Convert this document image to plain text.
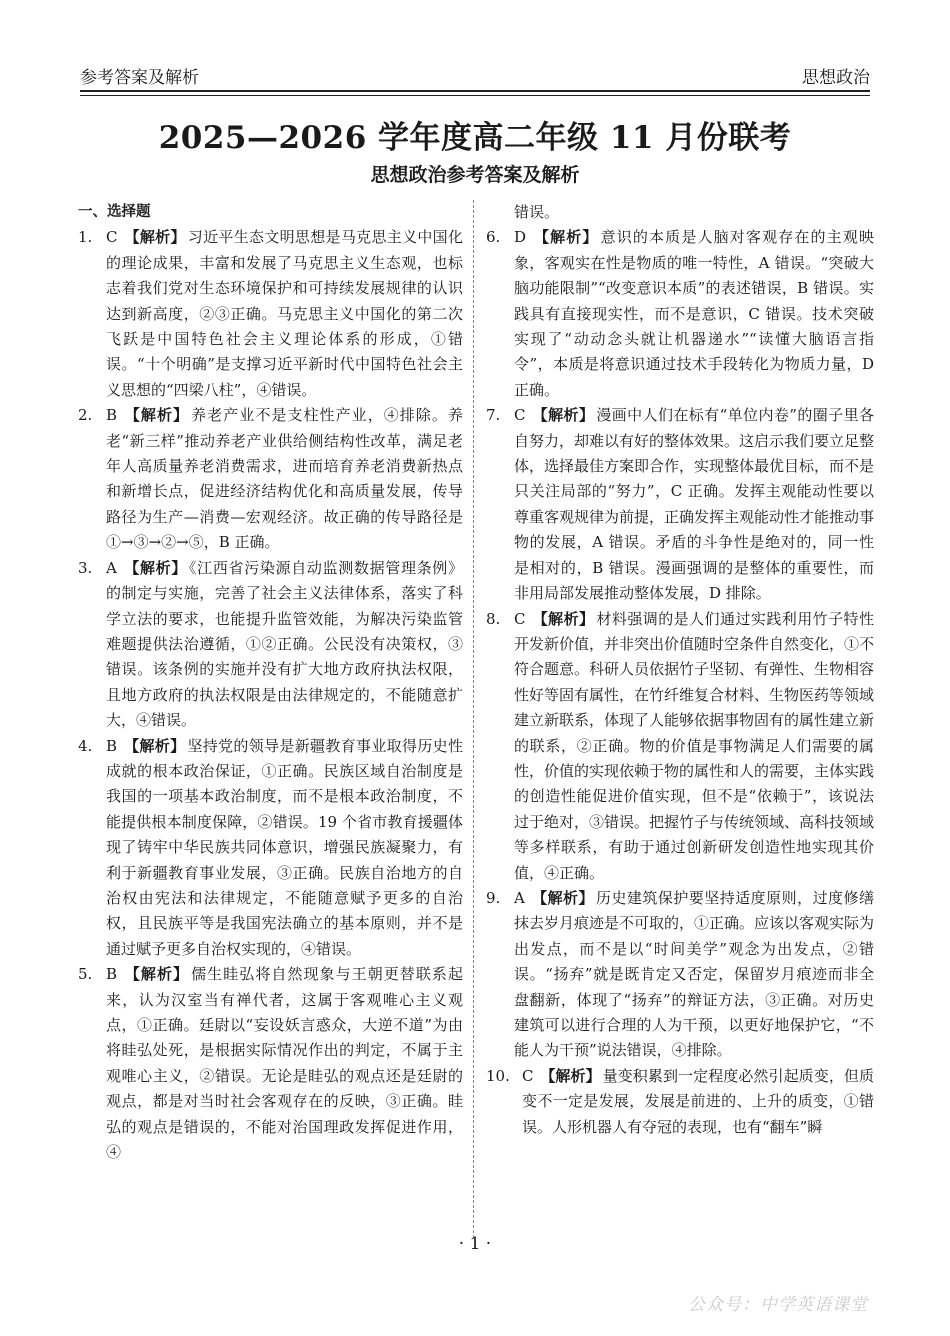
参考答案及解析	思想政治
2025—2026 学年度高二年级 11 月份联考
思想政治参考答案及解析
一、选择题
1. C 【解析】 习近平生态文明思想是马克思主义中国化的理论成果，丰富和发展了马克思主义生态观，也标志着我们党对生态环境保护和可持续发展规律的认识达到新高度，②③正确。马克思主义中国化的第二次飞跃是中国特色社会主义理论体系的形成，①错误。“十个明确”是支撑习近平新时代中国特色社会主义思想的“四梁八柱”，④错误。
2. B 【解析】 养老产业不是支柱性产业，④排除。养老“新三样”推动养老产业供给侧结构性改革，满足老年人高质量养老消费需求，进而培育养老消费新热点和新增长点，促进经济结构优化和高质量发展，传导路径为生产—消费—宏观经济。故正确的传导路径是①→③→②→⑤，B 正确。
3. A 【解析】 《江西省污染源自动监测数据管理条例》的制定与实施，完善了社会主义法律体系，落实了科学立法的要求，也能提升监管效能，为解决污染监管难题提供法治遵循，①②正确。公民没有决策权，③错误。该条例的实施并没有扩大地方政府执法权限，且地方政府的执法权限是由法律规定的，不能随意扩大，④错误。
4. B 【解析】 坚持党的领导是新疆教育事业取得历史性成就的根本政治保证，①正确。民族区域自治制度是我国的一项基本政治制度，而不是根本政治制度，不能提供根本制度保障，②错误。19 个省市教育援疆体现了铸牢中华民族共同体意识，增强民族凝聚力，有利于新疆教育事业发展，③正确。民族自治地方的自治权由宪法和法律规定，不能随意赋予更多的自治权，且民族平等是我国宪法确立的基本原则，并不是通过赋予更多自治权实现的，④错误。
5. B 【解析】 儒生眭弘将自然现象与王朝更替联系起来，认为汉室当有禅代者，这属于客观唯心主义观点，①正确。廷尉以“妄设妖言惑众，大逆不道”为由将眭弘处死，是根据实际情况作出的判定，不属于主观唯心主义，②错误。无论是眭弘的观点还是廷尉的观点，都是对当时社会客观存在的反映，③正确。眭弘的观点是错误的，不能对治国理政发挥促进作用，④
错误。
6. D 【解析】 意识的本质是人脑对客观存在的主观映象，客观实在性是物质的唯一特性，A 错误。“突破大脑功能限制”“改变意识本质”的表述错误，B 错误。实践具有直接现实性，而不是意识，C 错误。技术突破实现了“动动念头就让机器递水”“读懂大脑语言指令”，本质是将意识通过技术手段转化为物质力量，D 正确。
7. C 【解析】 漫画中人们在标有“单位内卷”的圈子里各自努力，却难以有好的整体效果。这启示我们要立足整体，选择最佳方案即合作，实现整体最优目标，而不是只关注局部的“努力”，C 正确。发挥主观能动性要以尊重客观规律为前提，正确发挥主观能动性才能推动事物的发展，A 错误。矛盾的斗争性是绝对的，同一性是相对的，B 错误。漫画强调的是整体的重要性，而非用局部发展推动整体发展，D 排除。
8. C 【解析】 材料强调的是人们通过实践利用竹子特性开发新价值，并非突出价值随时空条件自然变化，①不符合题意。科研人员依据竹子坚韧、有弹性、生物相容性好等固有属性，在竹纤维复合材料、生物医药等领域建立新联系，体现了人能够依据事物固有的属性建立新的联系，②正确。物的价值是事物满足人们需要的属性，价值的实现依赖于物的属性和人的需要，主体实践的创造性能促进价值实现，但不是“依赖于”，该说法过于绝对，③错误。把握竹子与传统领域、高科技领域等多样联系，有助于通过创新研发创造性地实现其价值，④正确。
9. A 【解析】 历史建筑保护要坚持适度原则，过度修缮抹去岁月痕迹是不可取的，①正确。应该以客观实际为出发点，而不是以“时间美学”观念为出发点，②错误。“扬弃”就是既肯定又否定，保留岁月痕迹而非全盘翻新，体现了“扬弃”的辩证方法，③正确。对历史建筑可以进行合理的人为干预，以更好地保护它，“不能人为干预”说法错误，④排除。
10. C 【解析】 量变积累到一定程度必然引起质变，但质变不一定是发展，发展是前进的、上升的质变，①错误。人形机器人有夺冠的表现，也有“翻车”瞬
· 1 ·
公众号：中学英语课堂
